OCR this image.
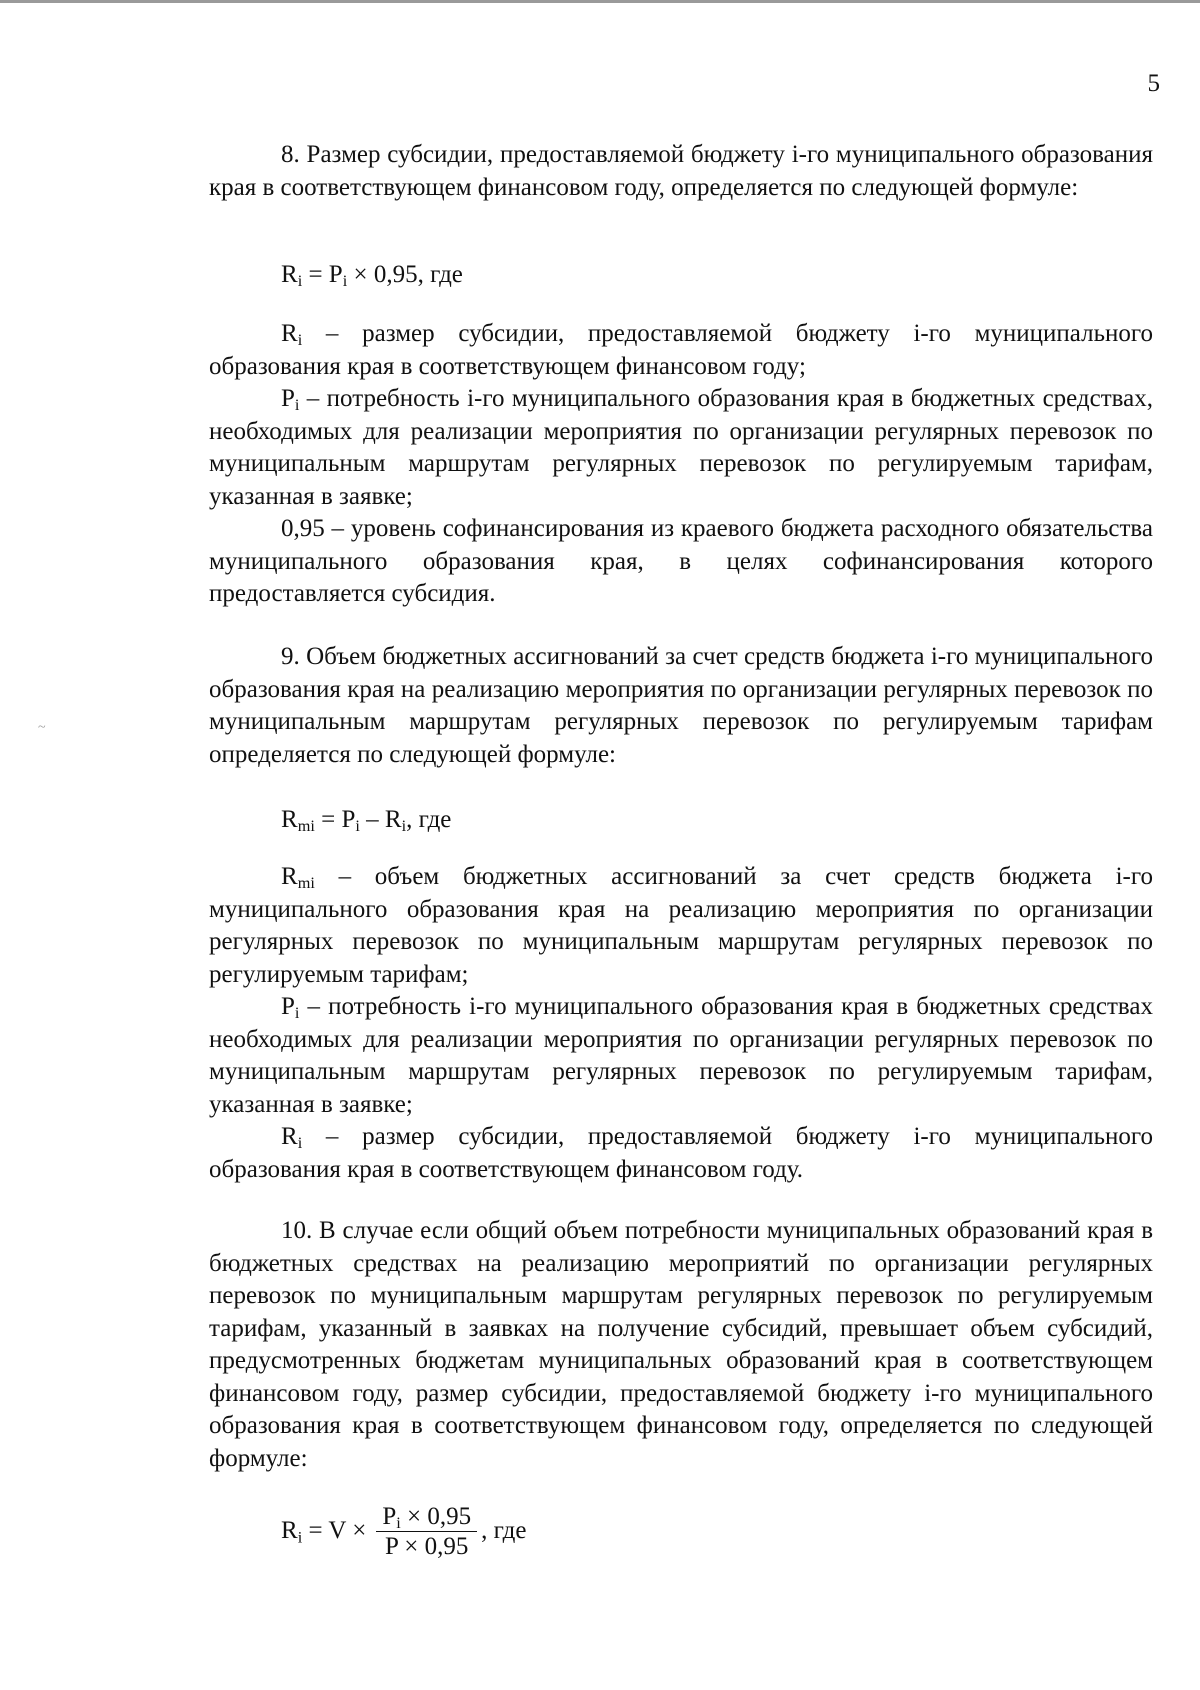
~
5

8. Размер субсидии, предоставляемой бюджету i-го муниципального образования края в соответствующем финансовом году, определяется по следующей формуле:

$R_i = P_i \times 0,95$, где

$R_i$ – размер субсидии, предоставляемой бюджету i-го муниципального образования края в соответствующем финансовом году;

$P_i$ – потребность i-го муниципального образования края в бюджетных средствах, необходимых для реализации мероприятия по организации регулярных перевозок по муниципальным маршрутам регулярных перевозок по регулируемым тарифам, указанная в заявке;

0,95 – уровень софинансирования из краевого бюджета расходного обязательства муниципального образования края, в целях софинансирования которого предоставляется субсидия.

9. Объем бюджетных ассигнований за счет средств бюджета i-го муниципального образования края на реализацию мероприятия по организации регулярных перевозок по муниципальным маршрутам регулярных перевозок по регулируемым тарифам определяется по следующей формуле:

$R_{mi} = P_i - R_i$, где

$R_{mi}$ – объем бюджетных ассигнований за счет средств бюджета i-го муниципального образования края на реализацию мероприятия по организации регулярных перевозок по муниципальным маршрутам регулярных перевозок по регулируемым тарифам;

$P_i$ – потребность i-го муниципального образования края в бюджетных средствах необходимых для реализации мероприятия по организации регулярных перевозок по муниципальным маршрутам регулярных перевозок по регулируемым тарифам, указанная в заявке;

$R_i$ – размер субсидии, предоставляемой бюджету i-го муниципального образования края в соответствующем финансовом году.

10. В случае если общий объем потребности муниципальных образований края в бюджетных средствах на реализацию мероприятий по организации регулярных перевозок по муниципальным маршрутам регулярных перевозок по регулируемым тарифам, указанный в заявках на получение субсидий, превышает объем субсидий, предусмотренных бюджетам муниципальных образований края в соответствующем финансовом году, размер субсидии, предоставляемой бюджету i-го муниципального образования края в соответствующем финансовом году, определяется по следующей формуле:

$R_i = V \times \frac{P_i \times 0,95}{P \times 0,95}$ , где
